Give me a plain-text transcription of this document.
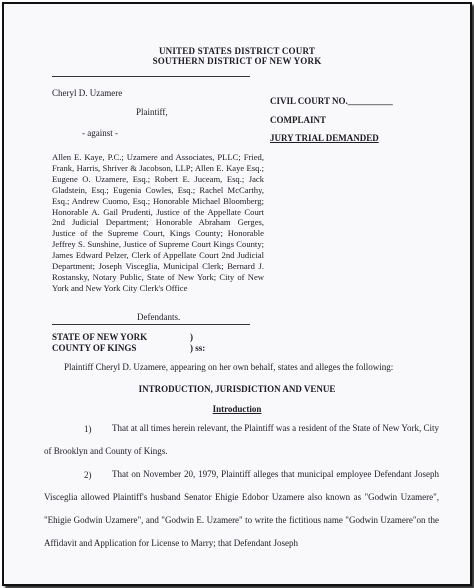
UNITED STATES DISTRICT COURT
SOUTHERN DISTRICT OF NEW YORK
Cheryl D. Uzamere
Plaintiff,
- against -
Allen E. Kaye, P.C.; Uzamere and Associates, PLLC; Fried, Frank, Harris, Shriver & Jacobson, LLP; Allen E. Kaye Esq.; Eugene O. Uzamere, Esq.; Robert E. Juceam, Esq.; Jack Gladstein, Esq.; Eugenia Cowles, Esq.; Rachel McCarthy, Esq.; Andrew Cuomo, Esq.; Honorable Michael Bloomberg; Honorable A. Gail Prudenti, Justice of the Appellate Court 2nd Judicial Department; Honorable Abraham Gerges, Justice of the Supreme Court, Kings County; Honorable Jeffrey S. Sunshine, Justice of Supreme Court Kings County; James Edward Pelzer, Clerk of Appellate Court 2nd Judicial Department; Joseph Visceglia, Municipal Clerk; Bernard J. Rostansky, Notary Public, State of New York; City of New York and New York City Clerk's Office
Defendants.
CIVIL COURT NO.__________
COMPLAINT
JURY TRIAL DEMANDED
STATE OF NEW YORK	)
COUNTY OF KINGS	) ss:
Plaintiff Cheryl D. Uzamere, appearing on her own behalf, states and alleges the following:
INTRODUCTION, JURISDICTION AND VENUE
Introduction
1)	That at all times herein relevant, the Plaintiff was a resident of the State of New York, City of Brooklyn and County of Kings.
2)	That on November 20, 1979, Plaintiff alleges that municipal employee Defendant Joseph Visceglia allowed Plaintiff's husband Senator Ehigie Edobor Uzamere also known as "Godwin Uzamere", "Ehigie Godwin Uzamere", and "Godwin E. Uzamere" to write the fictitious name "Godwin Uzamere"on the Affidavit and Application for License to Marry; that Defendant Joseph
